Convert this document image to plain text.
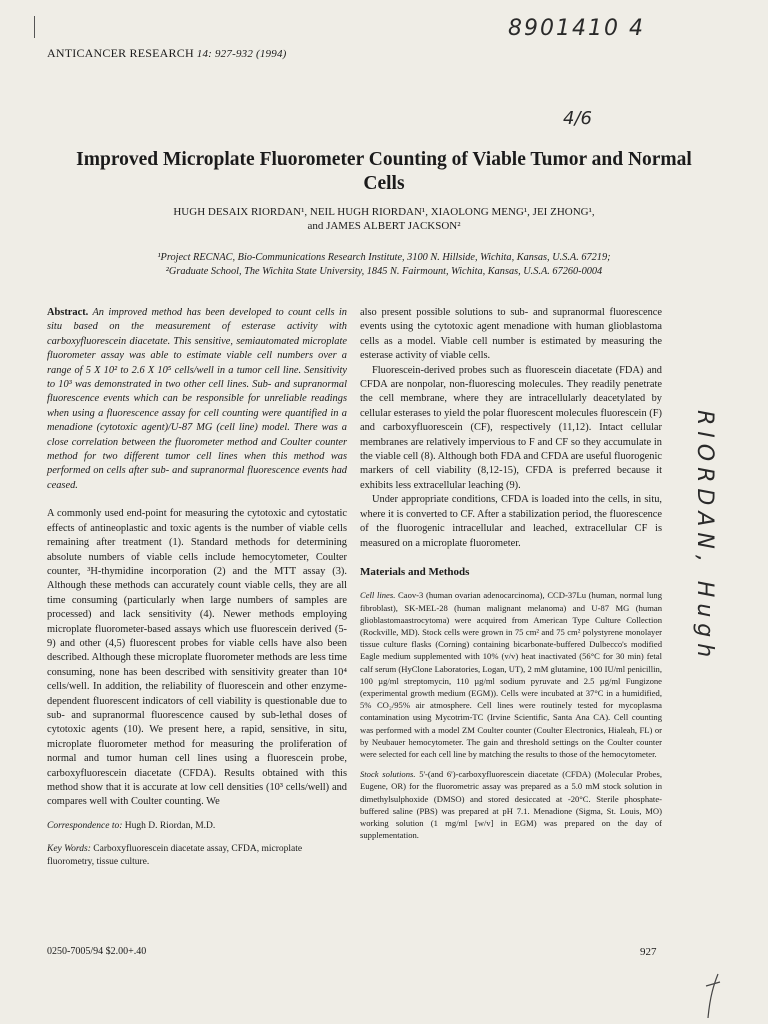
8901410 4
4/6
RIORDAN, Hugh
ANTICANCER RESEARCH 14: 927-932 (1994)
Improved Microplate Fluorometer Counting of Viable Tumor and Normal Cells
HUGH DESAIX RIORDAN¹, NEIL HUGH RIORDAN¹, XIAOLONG MENG¹, JEI ZHONG¹,
and JAMES ALBERT JACKSON²
¹Project RECNAC, Bio-Communications Research Institute, 3100 N. Hillside, Wichita, Kansas, U.S.A. 67219;
²Graduate School, The Wichita State University, 1845 N. Fairmount, Wichita, Kansas, U.S.A. 67260-0004

Abstract. An improved method has been developed to count cells in situ based on the measurement of esterase activity with carboxyfluorescein diacetate. This sensitive, semiautomated microplate fluorometer assay was able to estimate viable cell numbers over a range of 5 X 10² to 2.6 X 10⁵ cells/well in a tumor cell line. Sensitivity to 10³ was demonstrated in two other cell lines. Sub- and supranormal fluorescence events which can be responsible for unreliable readings when using a fluorescence assay for cell counting were quantified in a menadione (cytotoxic agent)/U-87 MG (cell line) model. There was a close correlation between the fluorometer method and Coulter counter method for two different tumor cell lines when this method was performed on cells after sub- and supranormal fluorescence events had ceased.

A commonly used end-point for measuring the cytotoxic and cytostatic effects of antineoplastic and toxic agents is the number of viable cells remaining after treatment (1). Standard methods for determining absolute numbers of viable cells include hemocytometer, Coulter counter, ³H-thymidine incorporation (2) and the MTT assay (3). Although these methods can accurately count viable cells, they are all time consuming (particularly when large numbers of samples are processed) and lack sensitivity (4). Newer methods employing microplate fluorometer-based assays which use fluorescein derived (5-9) and other (4,5) fluorescent probes for viable cells have also been described. Although these microplate fluorometer methods are less time consuming, none has been described with sensitivity greater than 10⁴ cells/well. In addition, the reliability of fluorescein and other enzyme-dependent fluorescent indicators of cell viability is questionable due to sub- and supranormal fluorescence caused by sub-lethal doses of cytotoxic agents (10). We present here, a rapid, sensitive, in situ, microplate fluorometer method for measuring the proliferation of normal and tumor human cell lines using a fluorescein probe, carboxyfluorescein diacetate (CFDA). Results obtained with this method show that it is accurate at low cell densities (10³ cells/well) and compares well with Coulter counting. We

Correspondence to: Hugh D. Riordan, M.D.
Key Words: Carboxyfluorescein diacetate assay, CFDA, microplate fluorometry, tissue culture.

also present possible solutions to sub- and supranormal fluorescence events using the cytotoxic agent menadione with human glioblastoma cells as a model. Viable cell number is estimated by measuring the esterase activity of viable cells.

Fluorescein-derived probes such as fluorescein diacetate (FDA) and CFDA are nonpolar, non-fluorescing molecules. They readily penetrate the cell membrane, where they are intracellularly deacetylated by cellular esterases to yield the polar fluorescent molecules fluorescein (F) and carboxyfluorescein (CF), respectively (11,12). Intact cellular membranes are relatively impervious to F and CF so they accumulate in the viable cell (8). Although both FDA and CFDA are useful fluorogenic markers of cell viability (8,12-15), CFDA is preferred because it exhibits less extracellular leaching (9).

Under appropriate conditions, CFDA is loaded into the cells, in situ, where it is converted to CF. After a stabilization period, the fluorescence of the fluorogenic intracellular and leached, extracellular CF is measured on a microplate fluorometer.

Materials and Methods

Cell lines. Caov-3 (human ovarian adenocarcinoma), CCD-37Lu (human, normal lung fibroblast), SK-MEL-28 (human malignant melanoma) and U-87 MG (human glioblastomaastrocytoma) were acquired from American Type Culture Collection (Rockville, MD). Stock cells were grown in 75 cm² and 75 cm² polystyrene monolayer tissue culture flasks (Corning) containing bicarbonate-buffered Dulbecco's modified Eagle medium supplemented with 10% (v/v) heat inactivated (56°C for 30 min) fetal calf serum (HyClone Laboratories, Logan, UT), 2 mM glutamine, 100 IU/ml penicillin, 100 µg/ml streptomycin, 110 µg/ml sodium pyruvate and 2.5 µg/ml Fungizone (experimental growth medium (EGM)). Cells were incubated at 37°C in a humidified, 5% CO₂/95% air atmosphere. Cell lines were routinely tested for mycoplasma contamination using Mycotrim-TC (Irvine Scientific, Santa Ana CA). Cell counting was performed with a model ZM Coulter counter (Coulter Electronics, Hialeah, FL) or by Neubauer hemocytometer. The gain and threshold settings on the Coulter counter were selected for each cell line by matching the results to those of the hemocytometer.

Stock solutions. 5'-(and 6')-carboxyfluorescein diacetate (CFDA) (Molecular Probes, Eugene, OR) for the fluorometric assay was prepared as a 5.0 mM stock solution in dimethylsulphoxide (DMSO) and stored desiccated at -20°C. Sterile phosphate-buffered saline (PBS) was prepared at pH 7.1. Menadione (Sigma, St. Louis, MO) working solution (1 mg/ml [w/v] in EGM) was prepared on the day of supplementation.

0250-7005/94 $2.00+.40	927
